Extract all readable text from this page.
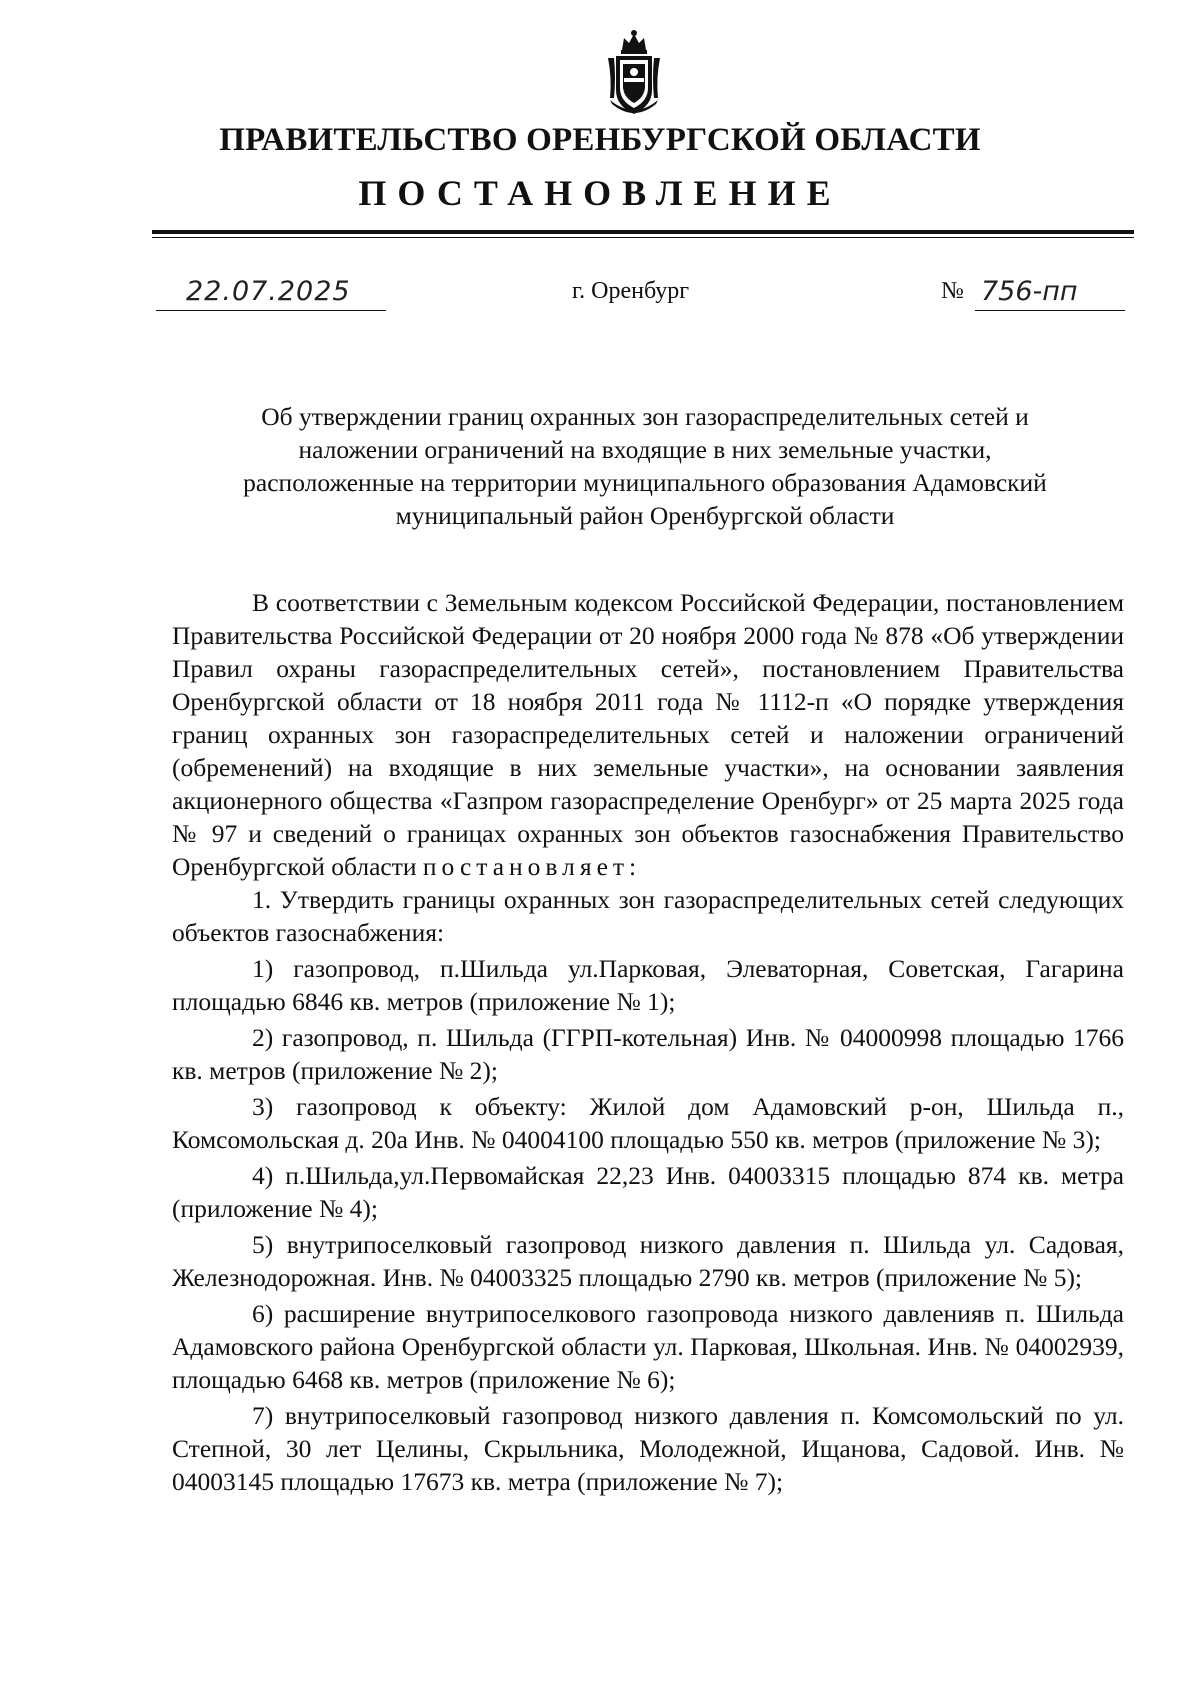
ПРАВИТЕЛЬСТВО ОРЕНБУРГСКОЙ ОБЛАСТИ
ПОСТАНОВЛЕНИЕ
22.07.2025	г. Оренбург	№ 756-пп
Об утверждении границ охранных зон газораспределительных сетей и
наложении ограничений на входящие в них земельные участки,
расположенные на территории муниципального образования Адамовский
муниципальный район Оренбургской области

В соответствии с Земельным кодексом Российской Федерации, постановлением Правительства Российской Федерации от 20 ноября 2000 года № 878 «Об утверждении Правил охраны газораспределительных сетей», постановлением Правительства Оренбургской области от 18 ноября 2011 года № 1112-п «О порядке утверждения границ охранных зон газораспределительных сетей и наложении ограничений (обременений) на входящие в них земельные участки», на основании заявления акционерного общества «Газпром газораспределение Оренбург» от 25 марта 2025 года № 97 и сведений о границах охранных зон объектов газоснабжения Правительство Оренбургской области постановляет:

1. Утвердить границы охранных зон газораспределительных сетей следующих объектов газоснабжения:

1) газопровод, п.Шильда ул.Парковая, Элеваторная, Советская, Гагарина площадью 6846 кв. метров (приложение № 1);

2) газопровод, п. Шильда (ГГРП-котельная) Инв. № 04000998 площадью 1766 кв. метров (приложение № 2);

3) газопровод к объекту: Жилой дом Адамовский р-он, Шильда п., Комсомольская д. 20а Инв. № 04004100 площадью 550 кв. метров (приложение № 3);

4) п.Шильда,ул.Первомайская 22,23 Инв. 04003315 площадью 874 кв. метра (приложение № 4);

5) внутрипоселковый газопровод низкого давления п. Шильда ул. Садовая, Железнодорожная. Инв. № 04003325 площадью 2790 кв. метров (приложение № 5);

6) расширение внутрипоселкового газопровода низкого давленияв п. Шильда Адамовского района Оренбургской области ул. Парковая, Школьная. Инв. № 04002939, площадью 6468 кв. метров (приложение № 6);

7) внутрипоселковый газопровод низкого давления п. Комсомольский по ул. Степной, 30 лет Целины, Скрыльника, Молодежной, Ищанова, Садовой. Инв. № 04003145 площадью 17673 кв. метра (приложение № 7);
